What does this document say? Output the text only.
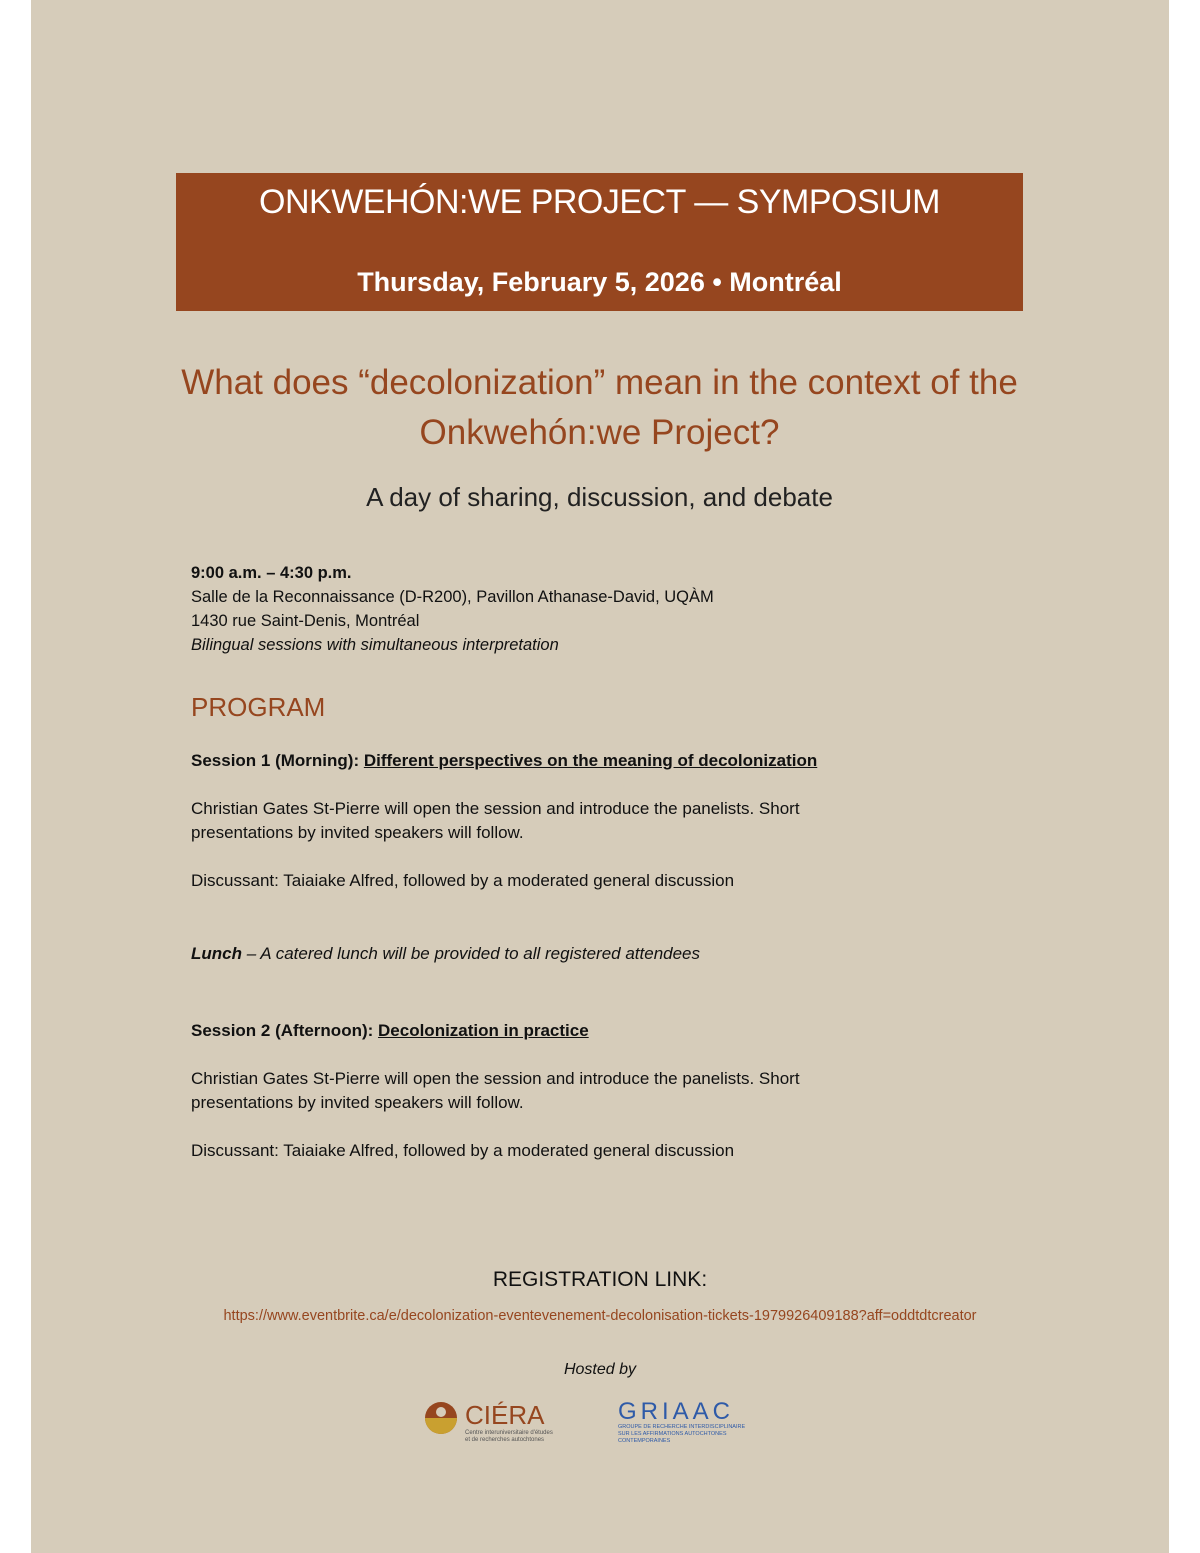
ONKWEHÓN:WE PROJECT — SYMPOSIUM
Thursday, February 5, 2026 • Montréal
What does “decolonization” mean in the context of the
Onkwehón:we Project?
A day of sharing, discussion, and debate
9:00 a.m. – 4:30 p.m.
Salle de la Reconnaissance (D-R200), Pavillon Athanase-David, UQÀM
1430 rue Saint-Denis, Montréal
Bilingual sessions with simultaneous interpretation
PROGRAM
Session 1 (Morning): Different perspectives on the meaning of decolonization
Christian Gates St-Pierre will open the session and introduce the panelists. Short
presentations by invited speakers will follow.
Discussant: Taiaiake Alfred, followed by a moderated general discussion
Lunch – A catered lunch will be provided to all registered attendees
Session 2 (Afternoon): Decolonization in practice
Christian Gates St-Pierre will open the session and introduce the panelists. Short
presentations by invited speakers will follow.
Discussant: Taiaiake Alfred, followed by a moderated general discussion
REGISTRATION LINK:
https://www.eventbrite.ca/e/decolonization-eventevenement-decolonisation-tickets-1979926409188?aff=oddtdtcreator
Hosted by
CIÉRA
Centre interuniversitaire d'études
et de recherches autochtones
GRIAAC
GROUPE DE RECHERCHE INTERDISCIPLINAIRE
SUR LES AFFIRMATIONS AUTOCHTONES
CONTEMPORAINES
